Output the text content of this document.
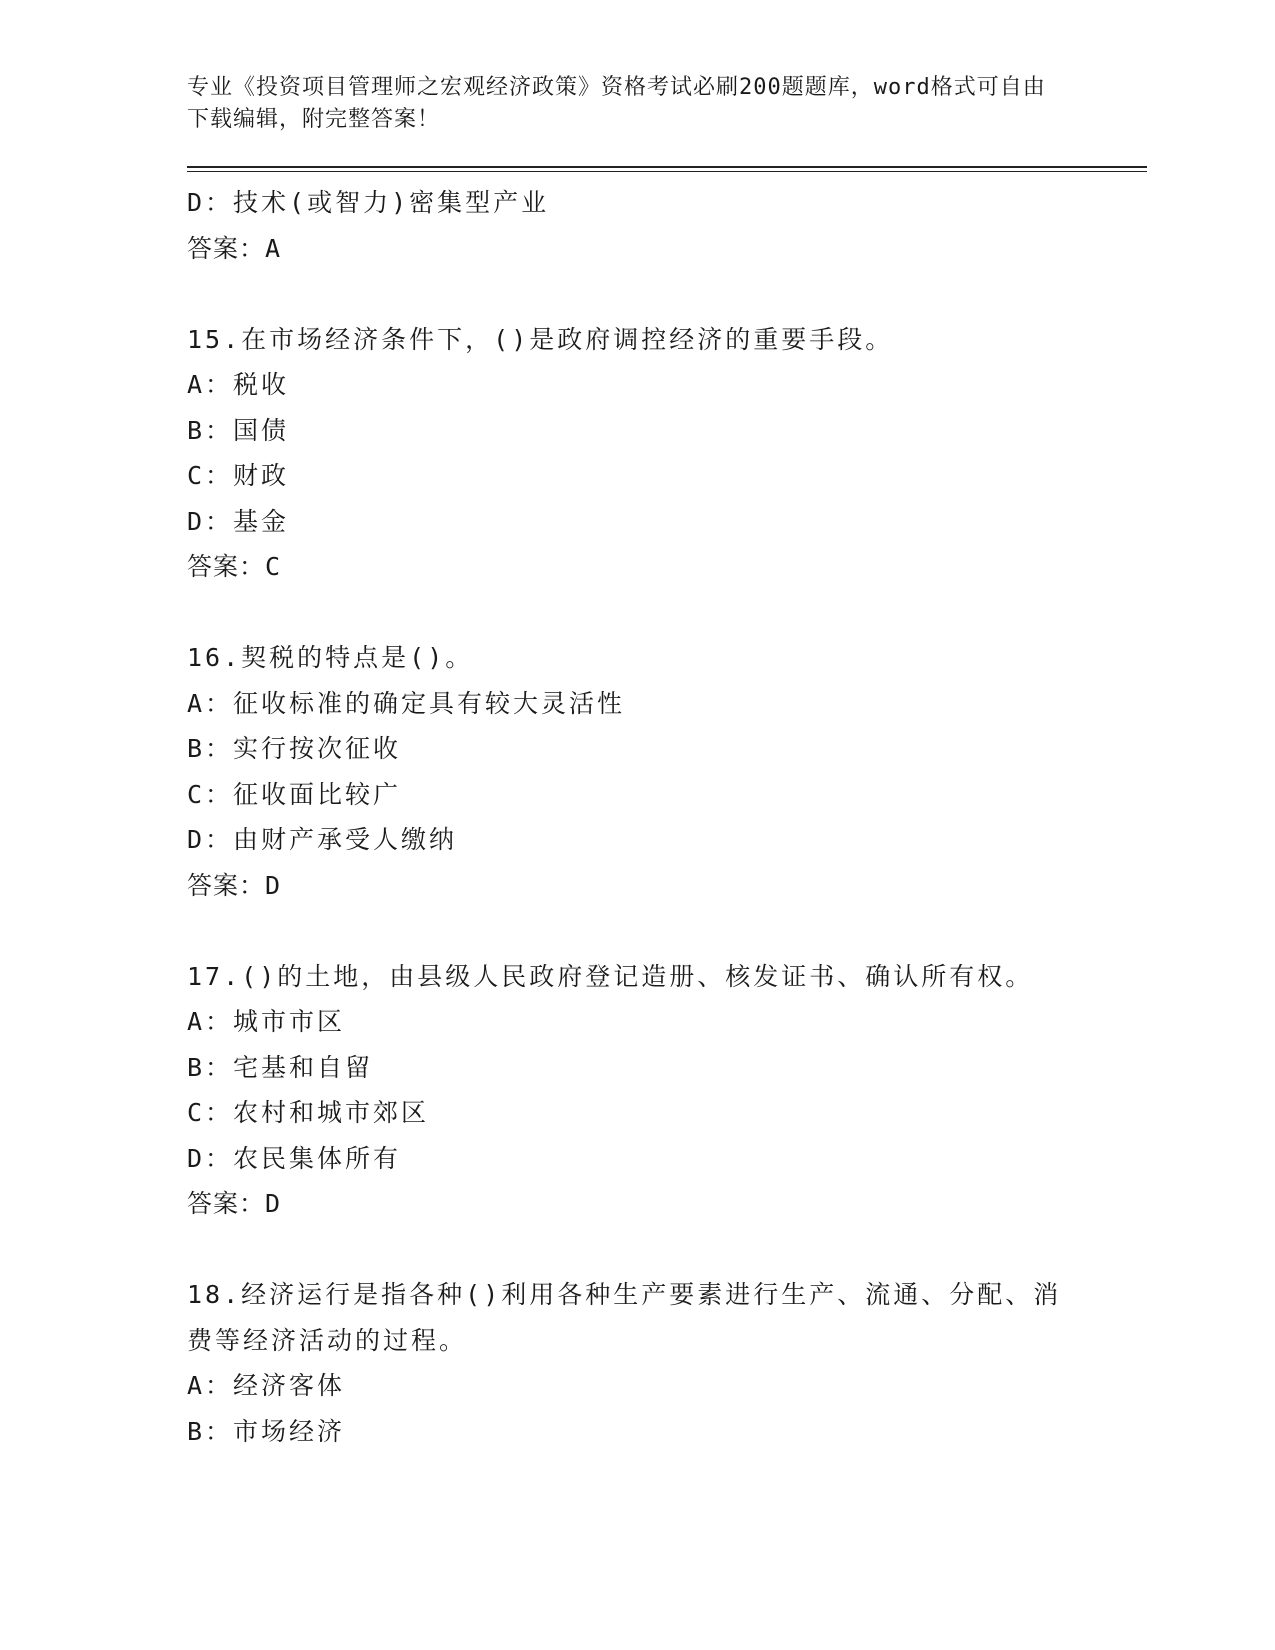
专业《投资项目管理师之宏观经济政策》资格考试必刷200题题库，word格式可自由下载编辑，附完整答案！
D：技术(或智力)密集型产业
答案：A
15.在市场经济条件下，()是政府调控经济的重要手段。
A：税收
B：国债
C：财政
D：基金
答案：C
16.契税的特点是()。
A：征收标准的确定具有较大灵活性
B：实行按次征收
C：征收面比较广
D：由财产承受人缴纳
答案：D
17.()的土地，由县级人民政府登记造册、核发证书、确认所有权。
A：城市市区
B：宅基和自留
C：农村和城市郊区
D：农民集体所有
答案：D
18.经济运行是指各种()利用各种生产要素进行生产、流通、分配、消费等经济活动的过程。
A：经济客体
B：市场经济
